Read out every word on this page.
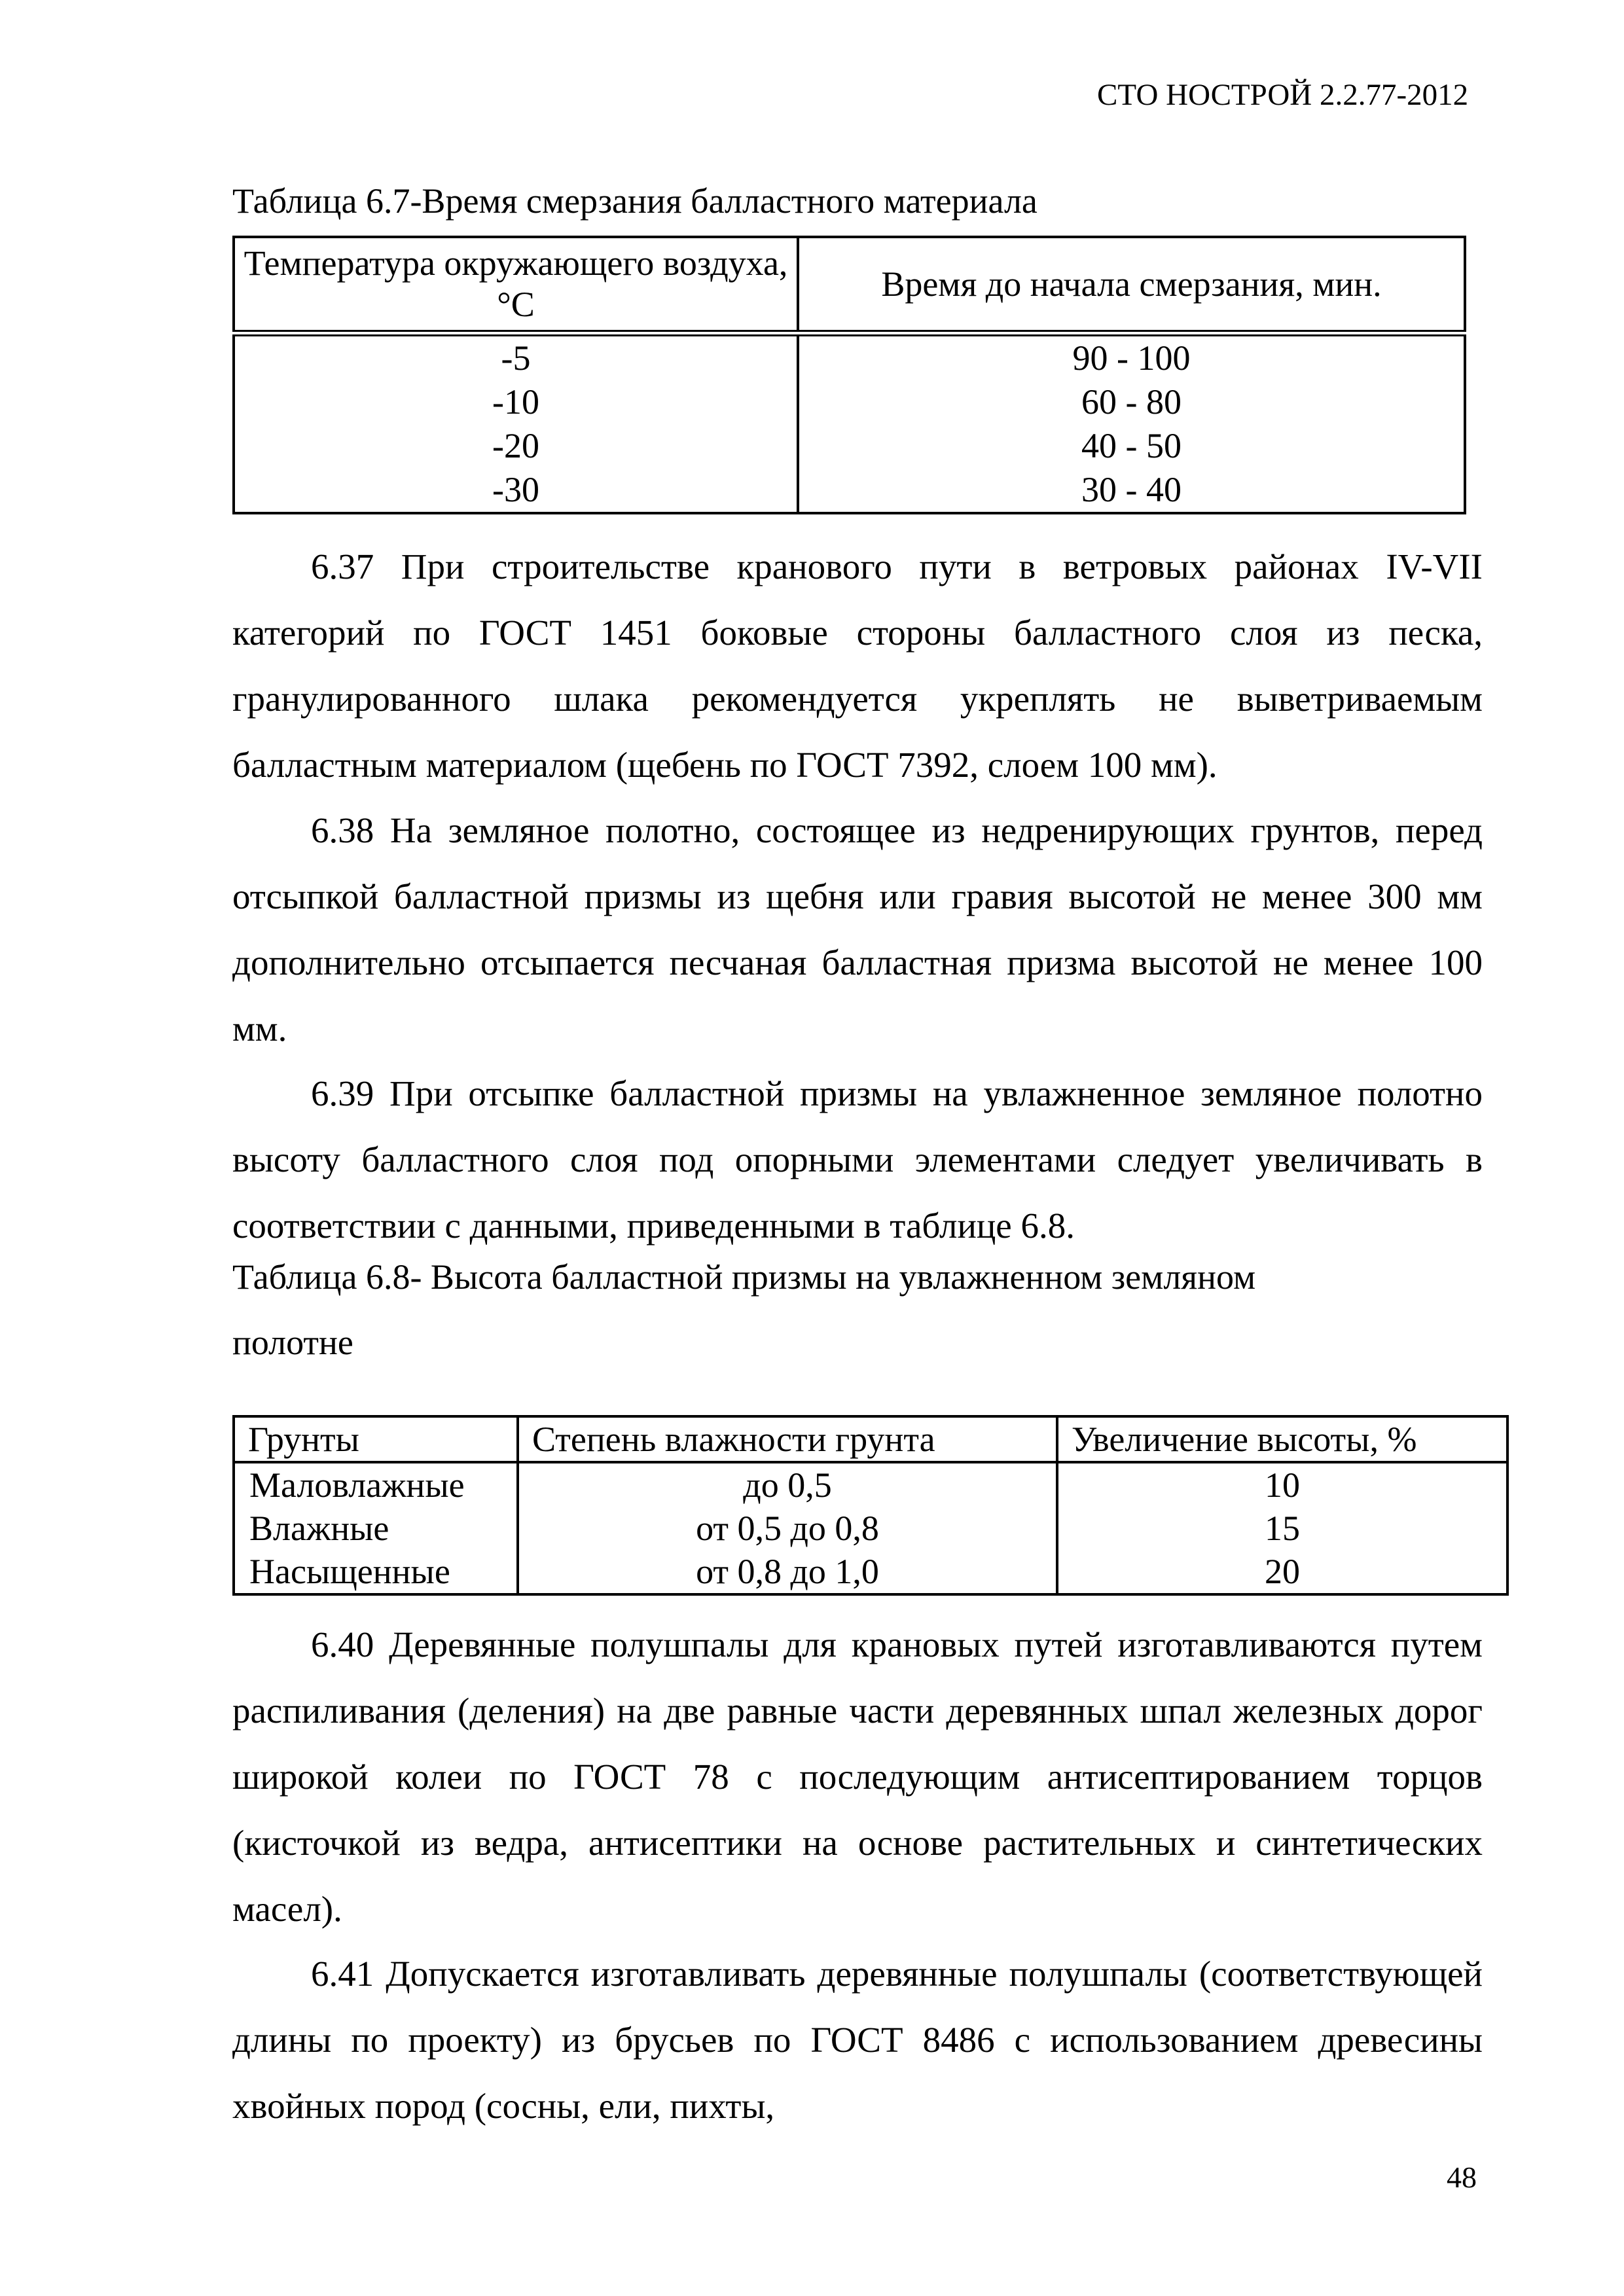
СТО НОСТРОЙ 2.2.77-2012
Таблица 6.7-Время смерзания балластного материала
Температура окружающего воздуха, °С	Время до начала смерзания, мин.
-5	90 - 100
-10	60 - 80
-20	40 - 50
-30	30 - 40
6.37 При строительстве кранового пути в ветровых районах IV-VII категорий по ГОСТ 1451 боковые стороны балластного слоя из песка, гранулированного шлака рекомендуется укреплять не выветриваемым балластным материалом (щебень по ГОСТ 7392, слоем 100 мм).
6.38 На земляное полотно, состоящее из недренирующих грунтов, перед отсыпкой балластной призмы из щебня или гравия высотой не менее 300 мм дополнительно отсыпается песчаная балластная призма высотой не менее 100 мм.
6.39 При отсыпке балластной призмы на увлажненное земляное полотно высоту балластного слоя под опорными элементами следует увеличивать в соответствии с данными, приведенными в таблице 6.8.
Таблица 6.8- Высота балластной призмы на увлажненном земляном
полотне
Грунты	Степень влажности грунта	Увеличение высоты, %
Маловлажные	до 0,5	10
Влажные	от 0,5 до 0,8	15
Насыщенные	от 0,8 до 1,0	20
6.40 Деревянные полушпалы для крановых путей изготавливаются путем распиливания (деления) на две равные части деревянных шпал железных дорог широкой колеи по ГОСТ 78 с последующим антисептированием торцов (кисточкой из ведра, антисептики на основе растительных и синтетических масел).
6.41 Допускается изготавливать деревянные полушпалы (соответствующей длины по проекту) из брусьев по ГОСТ 8486 с использованием древесины хвойных пород (сосны, ели, пихты,
48
